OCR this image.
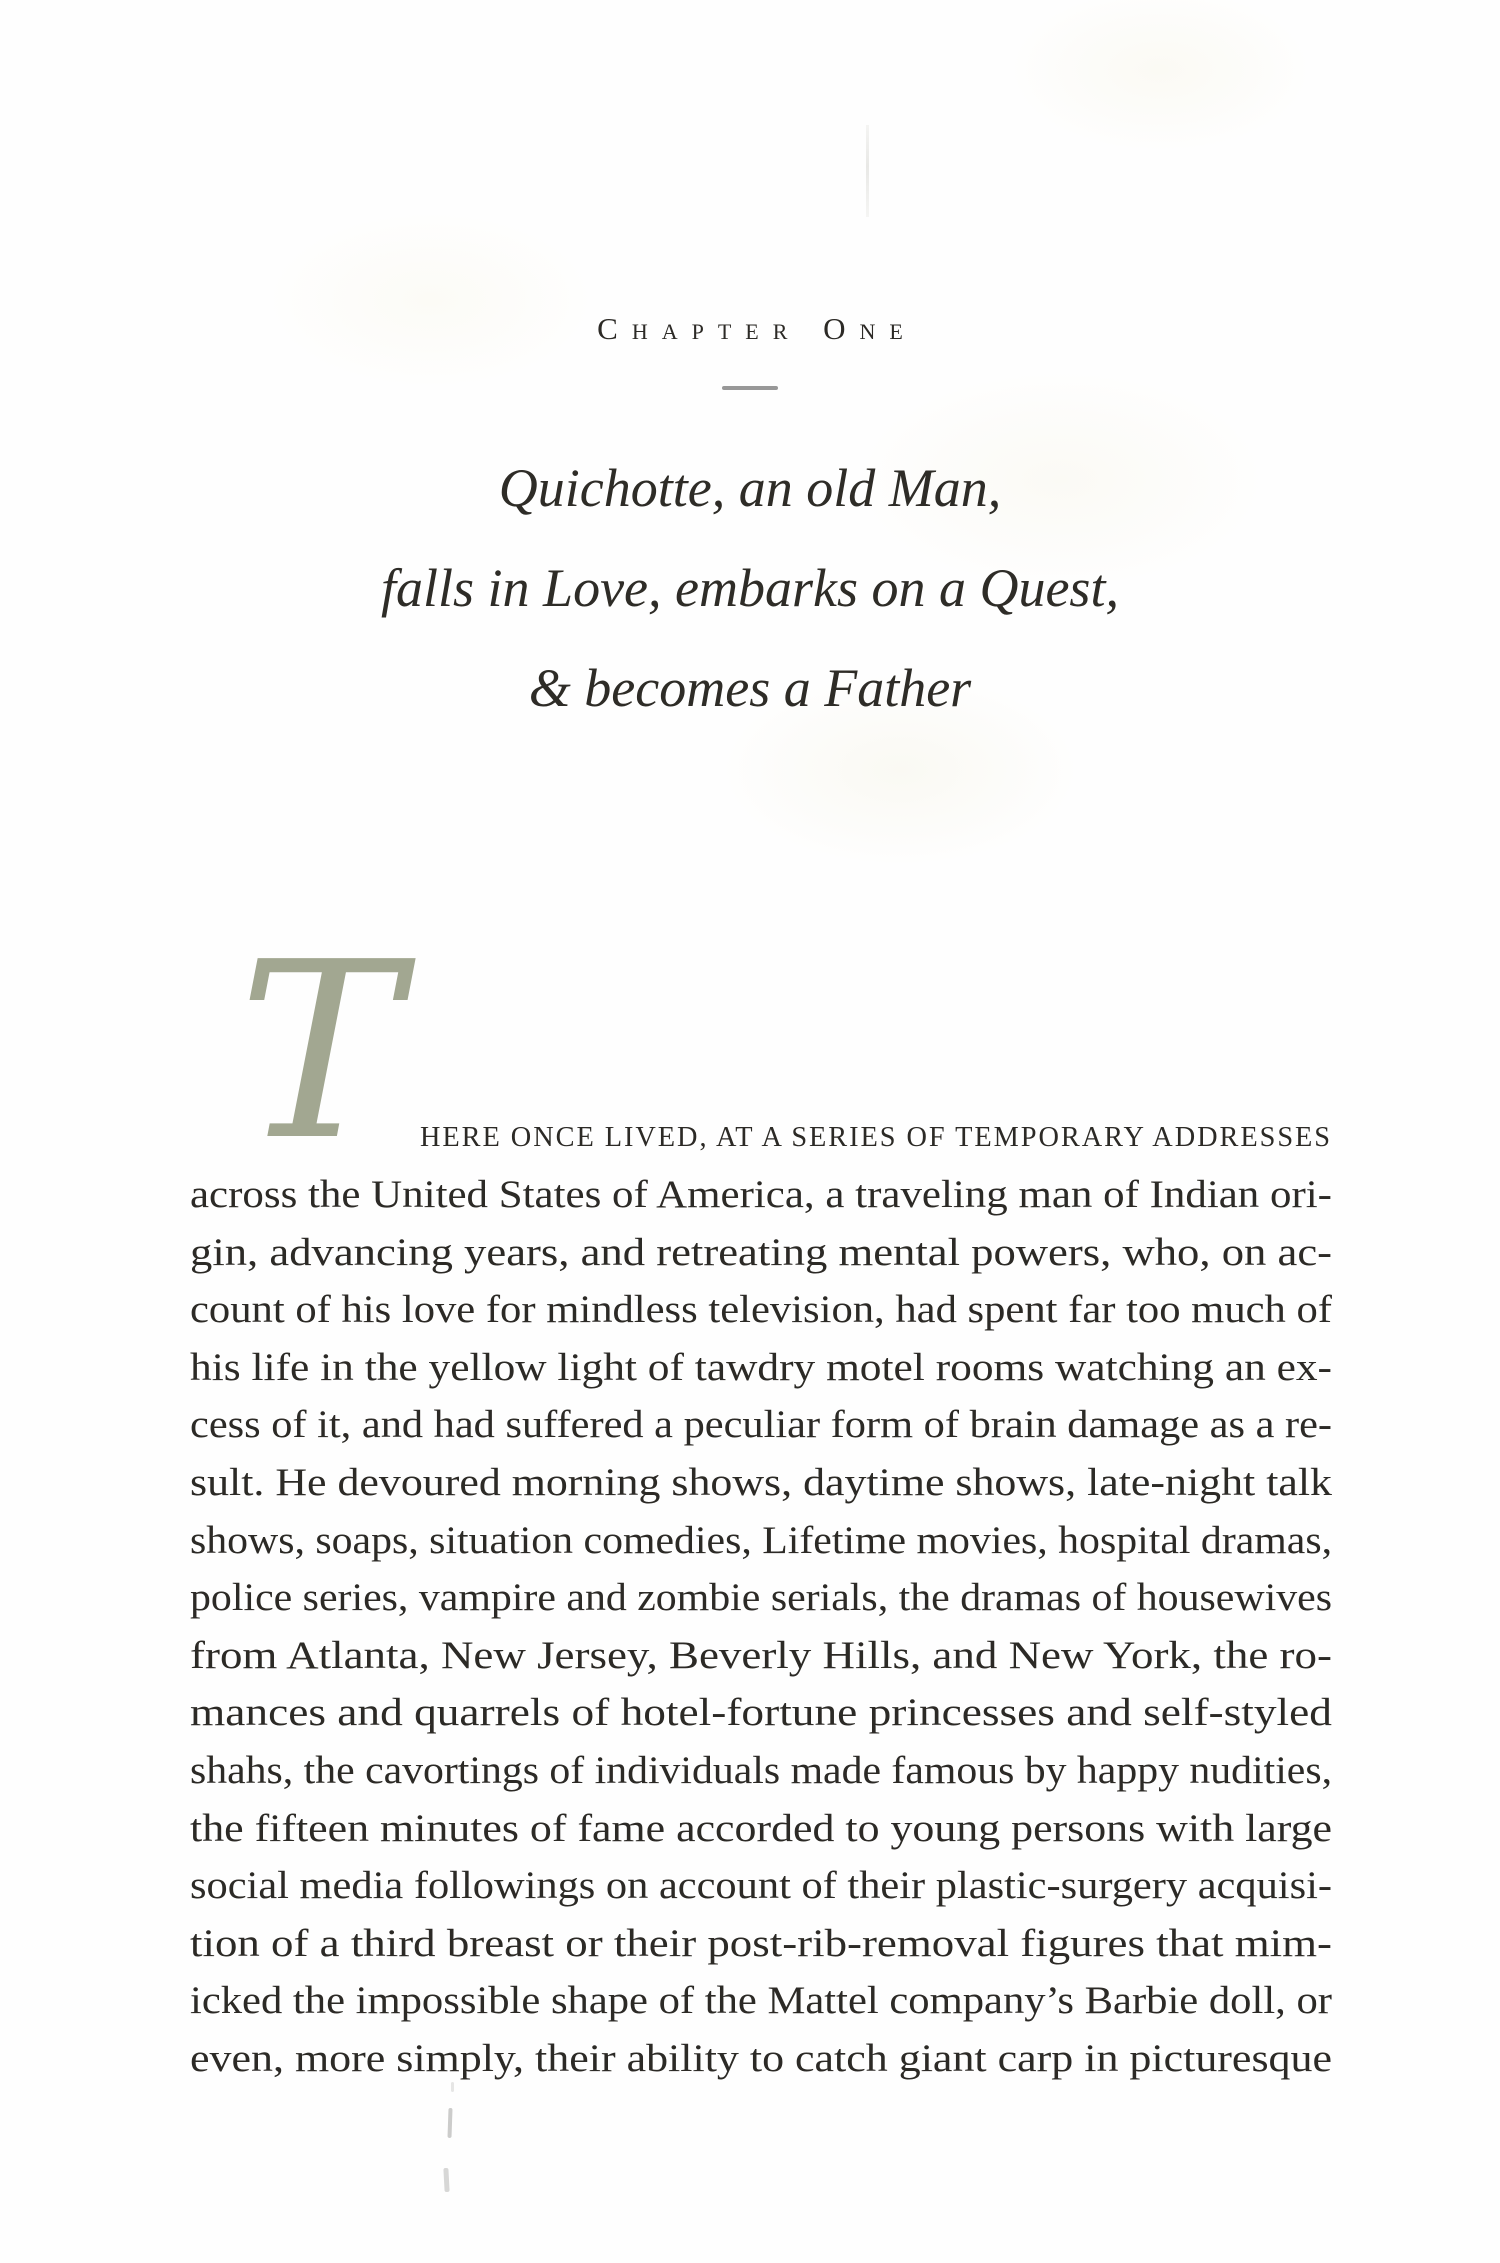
Chapter One
Quichotte, an old Man,
falls in Love, embarks on a Quest,
& becomes a Father
T HERE ONCE LIVED, AT A SERIES OF TEMPORARY ADDRESSES
across the United States of America, a traveling man of Indian ori-
gin, advancing years, and retreating mental powers, who, on ac-
count of his love for mindless television, had spent far too much of
his life in the yellow light of tawdry motel rooms watching an ex-
cess of it, and had suffered a peculiar form of brain damage as a re-
sult. He devoured morning shows, daytime shows, late-night talk
shows, soaps, situation comedies, Lifetime movies, hospital dramas,
police series, vampire and zombie serials, the dramas of housewives
from Atlanta, New Jersey, Beverly Hills, and New York, the ro-
mances and quarrels of hotel-fortune princesses and self-styled
shahs, the cavortings of individuals made famous by happy nudities,
the fifteen minutes of fame accorded to young persons with large
social media followings on account of their plastic-surgery acquisi-
tion of a third breast or their post-rib-removal figures that mim-
icked the impossible shape of the Mattel company’s Barbie doll, or
even, more simply, their ability to catch giant carp in picturesque
